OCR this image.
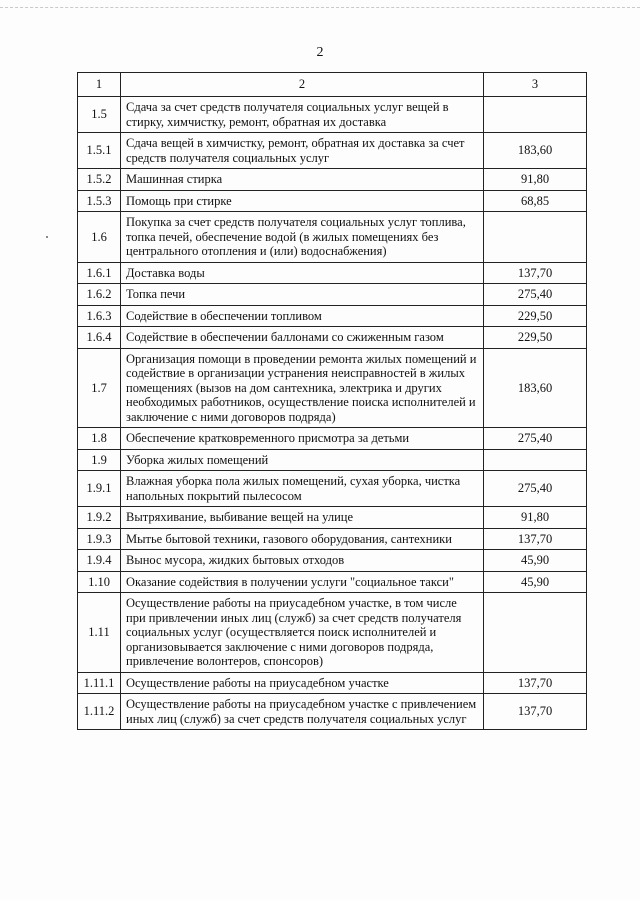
2
1	2	3
1.5	Сдача за счет средств получателя социальных услуг вещей в стирку, химчистку, ремонт, обратная их доставка	
1.5.1	Сдача вещей в химчистку, ремонт, обратная их доставка за счет средств получателя социальных услуг	183,60
1.5.2	Машинная стирка	91,80
1.5.3	Помощь при стирке	68,85
1.6	Покупка за счет средств получателя социальных услуг топлива, топка печей, обеспечение водой (в жилых помещениях без центрального отопления и (или) водоснабжения)	
1.6.1	Доставка воды	137,70
1.6.2	Топка печи	275,40
1.6.3	Содействие в обеспечении топливом	229,50
1.6.4	Содействие в обеспечении баллонами со сжиженным газом	229,50
1.7	Организация помощи в проведении ремонта жилых помещений и содействие в организации устранения неисправностей в жилых помещениях (вызов на дом сантехника, электрика и других необходимых работников, осуществление поиска исполнителей и заключение с ними договоров подряда)	183,60
1.8	Обеспечение кратковременного присмотра за детьми	275,40
1.9	Уборка жилых помещений	
1.9.1	Влажная уборка пола жилых помещений, сухая уборка, чистка напольных покрытий пылесосом	275,40
1.9.2	Вытряхивание, выбивание вещей на улице	91,80
1.9.3	Мытье бытовой техники, газового оборудования, сантехники	137,70
1.9.4	Вынос мусора, жидких бытовых отходов	45,90
1.10	Оказание содействия в получении услуги "социальное такси"	45,90
1.11	Осуществление работы на приусадебном участке, в том числе при привлечении иных лиц (служб) за счет средств получателя социальных услуг (осуществляется поиск исполнителей и организовывается заключение с ними договоров подряда, привлечение волонтеров, спонсоров)	
1.11.1	Осуществление работы на приусадебном участке	137,70
1.11.2	Осуществление работы на приусадебном участке с привлечением иных лиц (служб) за счет средств получателя социальных услуг	137,70
